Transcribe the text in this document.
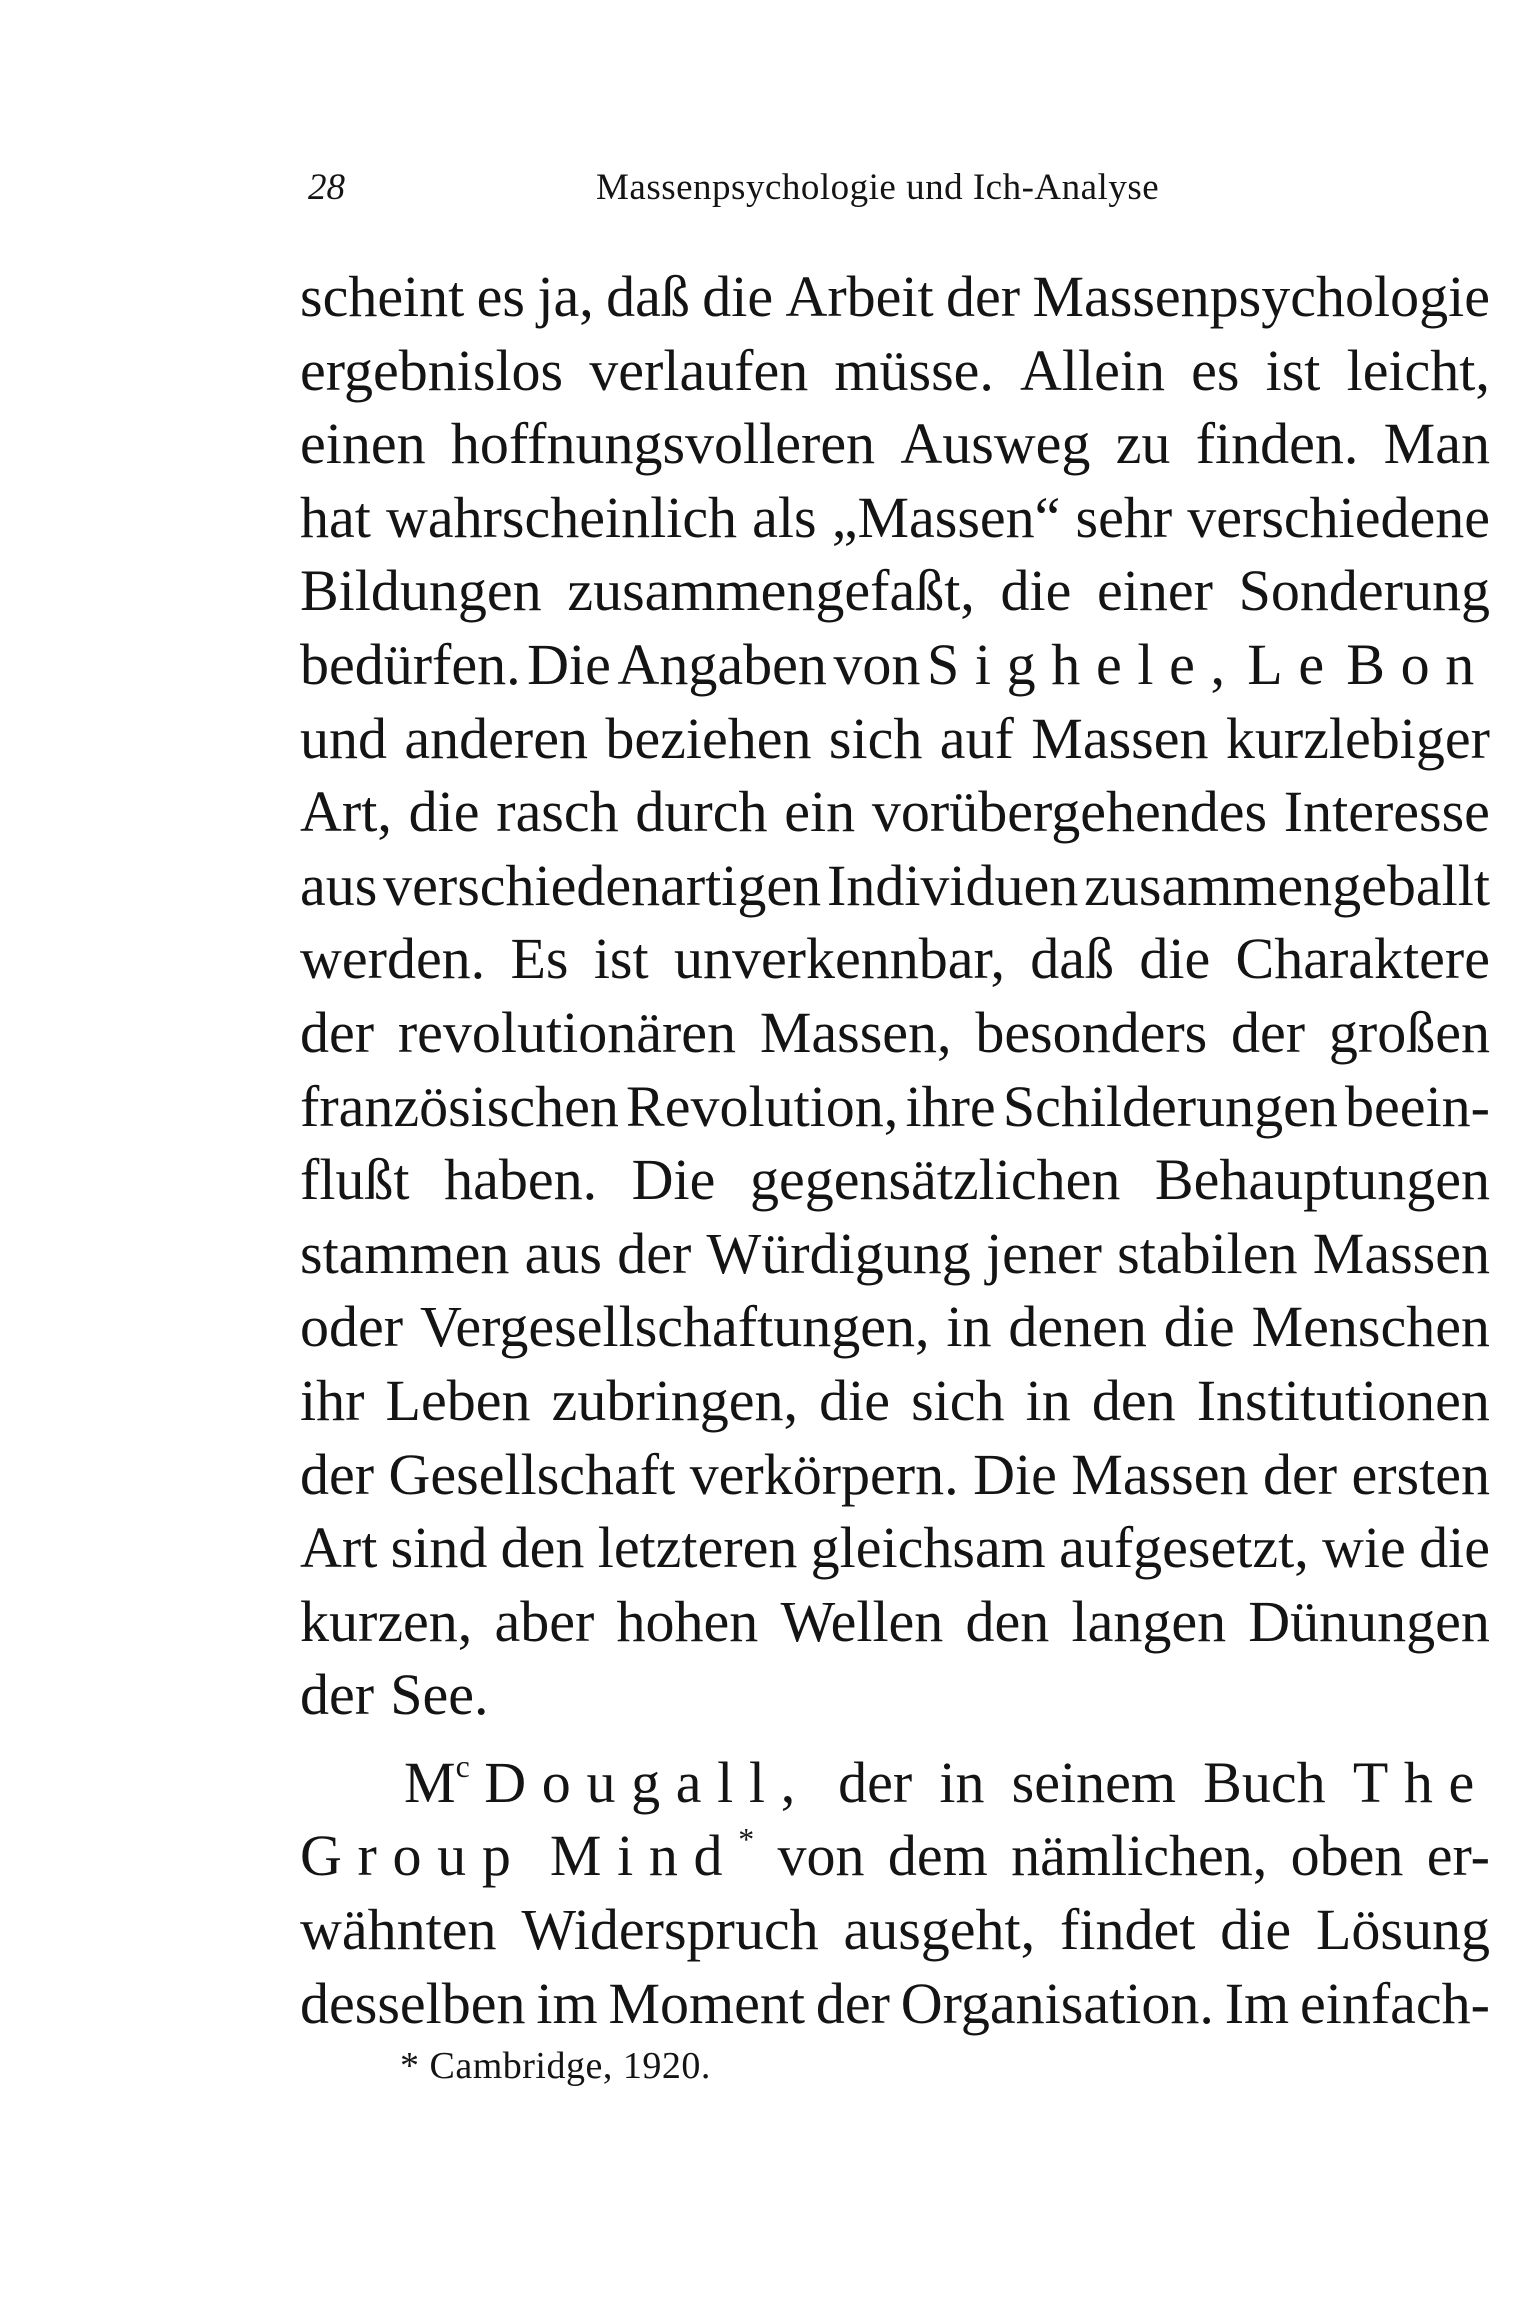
28	Massenpsychologie und Ich-Analyse
scheint es ja, daß die Arbeit der Massenpsychologie
ergebnislos verlaufen müsse. Allein es ist leicht,
einen hoffnungsvolleren Ausweg zu finden. Man
hat wahrscheinlich als „Massen“ sehr verschiedene
Bildungen zusammengefaßt, die einer Sonderung
bedürfen. Die Angaben von Sighele, Le Bon
und anderen beziehen sich auf Massen kurzlebiger
Art, die rasch durch ein vorübergehendes Interesse
aus verschiedenartigen Individuen zusammengeballt
werden. Es ist unverkennbar, daß die Charaktere
der revolutionären Massen, besonders der großen
französischen Revolution, ihre Schilderungen beein-
flußt haben. Die gegensätzlichen Behauptungen
stammen aus der Würdigung jener stabilen Massen
oder Vergesellschaftungen, in denen die Menschen
ihr Leben zubringen, die sich in den Institutionen
der Gesellschaft verkörpern. Die Massen der ersten
Art sind den letzteren gleichsam aufgesetzt, wie die
kurzen, aber hohen Wellen den langen Dünungen
der See.
$M^c$ Dougall, der in seinem Buch The
Group Mind* von dem nämlichen, oben er-
wähnten Widerspruch ausgeht, findet die Lösung
desselben im Moment der Organisation. Im einfach-
* Cambridge, 1920.
